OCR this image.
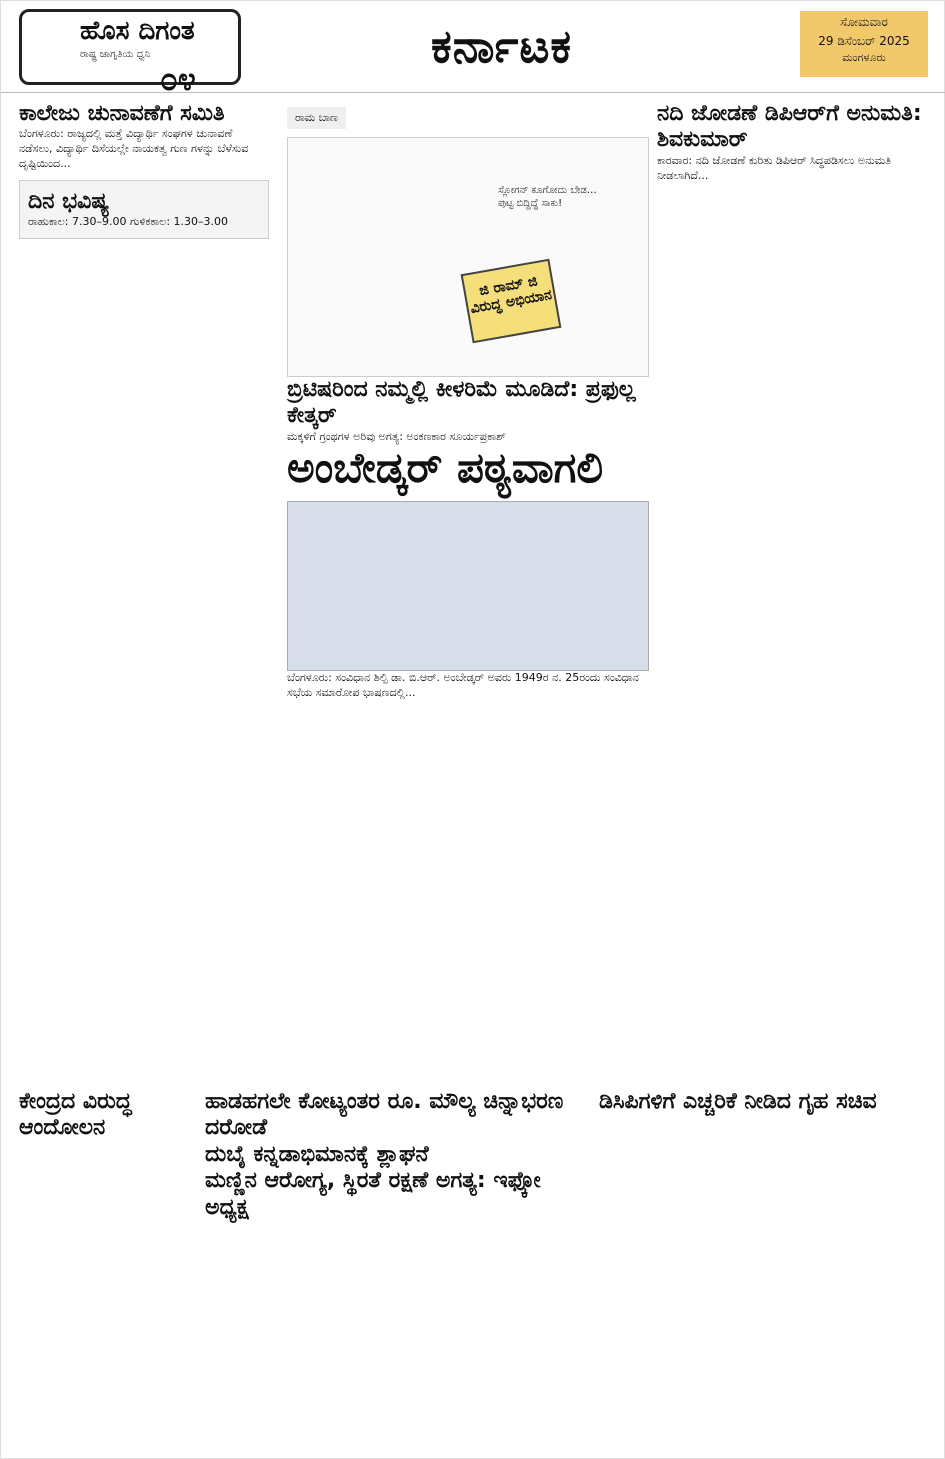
ಹೊಸ ದಿಗಂತ
ರಾಷ್ಟ್ರ ಜಾಗೃತಿಯ ಧ್ವನಿ
೦೪
ಕರ್ನಾಟಕ	ಸೋಮವಾರ
29 ಡಿಸೆಂಬರ್ 2025
ಮಂಗಳೂರು
ಕಾಲೇಜು ಚುನಾವಣೆಗೆ ಸಮಿತಿ
ಬೆಂಗಳೂರು: ರಾಜ್ಯದಲ್ಲಿ ಮತ್ತೆ ವಿದ್ಯಾರ್ಥಿ ಸಂಘಗಳ ಚುನಾವಣೆ ನಡೆಸಲು, ವಿದ್ಯಾರ್ಥಿ ದಿಸೆಯಲ್ಲೇ ನಾಯಕತ್ವ ಗುಣ ಗಳನ್ನು ಬೆಳೆಸುವ ದೃಷ್ಟಿಯಿಂದ...
ದಿನ ಭವಿಷ್ಯ
ರಾಹುಕಾಲ: 7.30–9.00 ಗುಳಿಕಕಾಲ: 1.30–3.00
ರಾಮ ಬಾಣ
ಸ್ಲೋಗನ್ ಕೂಗೋದು ಬೇಡ… ಪುಟ್ಟ ಬಿದ್ದಿದ್ದೆ ಸಾಕು!
ಜಿ ರಾಮ್ ಜಿ ವಿರುದ್ಧ ಅಭಿಯಾನ
ಬ್ರಿಟಿಷರಿಂದ ನಮ್ಮಲ್ಲಿ ಕೀಳರಿಮೆ ಮೂಡಿದೆ: ಪ್ರಫುಲ್ಲ ಕೇತ್ಕರ್
ಮಕ್ಕಳಿಗೆ ಗ್ರಂಥಗಳ ಅರಿವು ಅಗತ್ಯ: ಅಂಕಣಕಾರ ಸೂರ್ಯಪ್ರಕಾಶ್
ಅಂಬೇಡ್ಕರ್ ಪಠ್ಯವಾಗಲಿ
ಬೆಂಗಳೂರು: ಸಂವಿಧಾನ ಶಿಲ್ಪಿ ಡಾ. ಬಿ.ಆರ್. ಅಂಬೇಡ್ಕರ್ ಅವರು 1949ರ ನ. 25ರಂದು ಸಂವಿಧಾನ ಸಭೆಯ ಸಮಾರೋಪ ಭಾಷಣದಲ್ಲಿ...
ನದಿ ಜೋಡಣೆ ಡಿಪಿಆರ್‌ಗೆ ಅನುಮತಿ: ಶಿವಕುಮಾರ್
ಕಾರವಾರ: ನದಿ ಜೋಡಣೆ ಕುರಿತು ಡಿಪಿಆರ್ ಸಿದ್ಧಪಡಿಸಲು ಅನುಮತಿ ನೀಡಲಾಗಿದೆ...
ಕೇಂದ್ರದ ವಿರುದ್ಧ ಆಂದೋಲನ
ಹಾಡಹಗಲೇ ಕೋಟ್ಯಂತರ ರೂ. ಮೌಲ್ಯ ಚಿನ್ನಾಭರಣ ದರೋಡೆ
ದುಬೈ ಕನ್ನಡಾಭಿಮಾನಕ್ಕೆ ಶ್ಲಾಘನೆ
ಮಣ್ಣಿನ ಆರೋಗ್ಯ, ಸ್ಥಿರತೆ ರಕ್ಷಣೆ ಅಗತ್ಯ: ಇಫ್ಕೋ ಅಧ್ಯಕ್ಷ
ಡಿಸಿಪಿಗಳಿಗೆ ಎಚ್ಚರಿಕೆ ನೀಡಿದ ಗೃಹ ಸಚಿವ
